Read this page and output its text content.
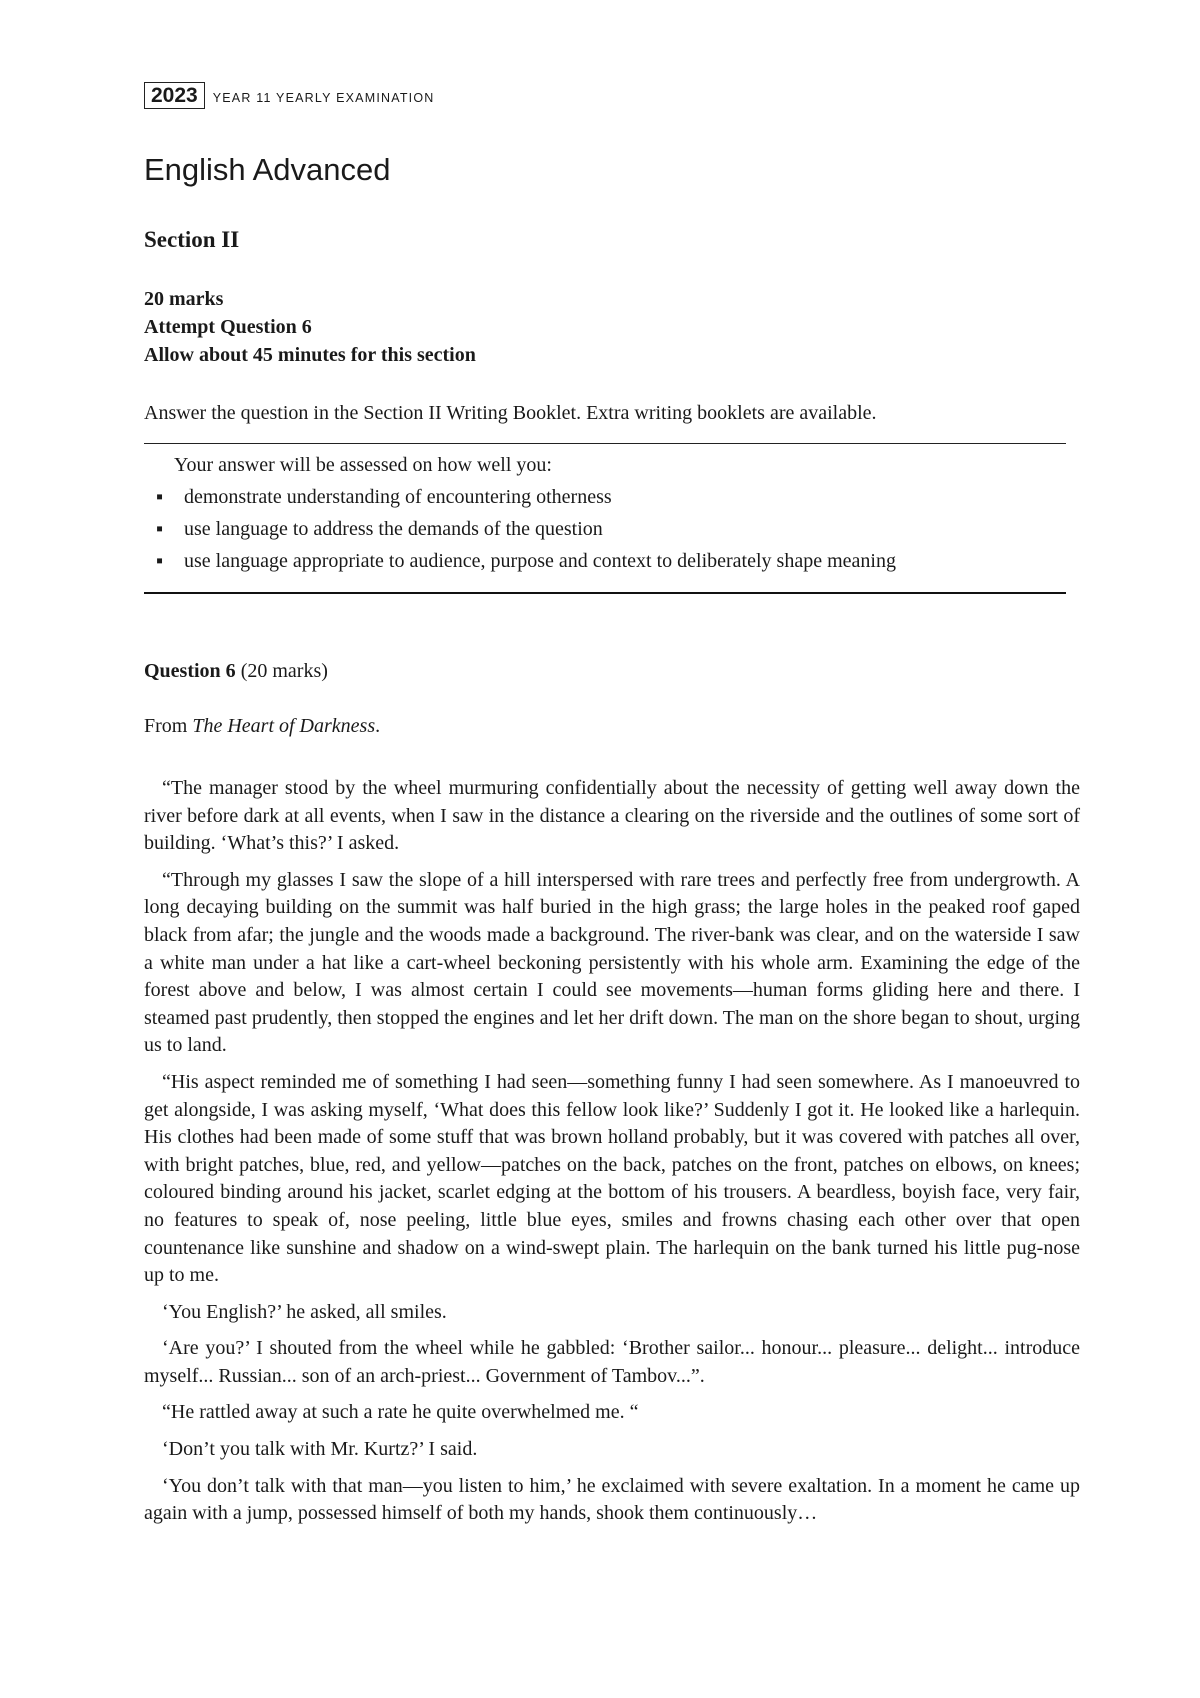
2023	YEAR 11 YEARLY EXAMINATION
English Advanced
Section II
20 marks
Attempt Question 6
Allow about 45 minutes for this section
Answer the question in the Section II Writing Booklet. Extra writing booklets are available.
Your answer will be assessed on how well you:
▪	demonstrate understanding of encountering otherness
▪	use language to address the demands of the question
▪	use language appropriate to audience, purpose and context to deliberately shape meaning
Question 6 (20 marks)
From The Heart of Darkness.

“The manager stood by the wheel murmuring confidentially about the necessity of getting well away down the river before dark at all events, when I saw in the distance a clearing on the riverside and the outlines of some sort of building. ‘What’s this?’ I asked.

“Through my glasses I saw the slope of a hill interspersed with rare trees and perfectly free from undergrowth. A long decaying building on the summit was half buried in the high grass; the large holes in the peaked roof gaped black from afar; the jungle and the woods made a background. The river-bank was clear, and on the waterside I saw a white man under a hat like a cart-wheel beckoning persistently with his whole arm. Examining the edge of the forest above and below, I was almost certain I could see movements—human forms gliding here and there. I steamed past prudently, then stopped the engines and let her drift down. The man on the shore began to shout, urging us to land.

“His aspect reminded me of something I had seen—something funny I had seen somewhere. As I manoeuvred to get alongside, I was asking myself, ‘What does this fellow look like?’ Suddenly I got it. He looked like a harlequin. His clothes had been made of some stuff that was brown holland probably, but it was covered with patches all over, with bright patches, blue, red, and yellow—patches on the back, patches on the front, patches on elbows, on knees; coloured binding around his jacket, scarlet edging at the bottom of his trousers. A beardless, boyish face, very fair, no features to speak of, nose peeling, little blue eyes, smiles and frowns chasing each other over that open countenance like sunshine and shadow on a wind-swept plain. The harlequin on the bank turned his little pug-nose up to me.

‘You English?’ he asked, all smiles.

‘Are you?’ I shouted from the wheel while he gabbled: ‘Brother sailor... honour... pleasure... delight... introduce myself... Russian... son of an arch-priest... Government of Tambov...”.

“He rattled away at such a rate he quite overwhelmed me. “

‘Don’t you talk with Mr. Kurtz?’ I said.

‘You don’t talk with that man—you listen to him,’ he exclaimed with severe exaltation. In a moment he came up again with a jump, possessed himself of both my hands, shook them continuously…
